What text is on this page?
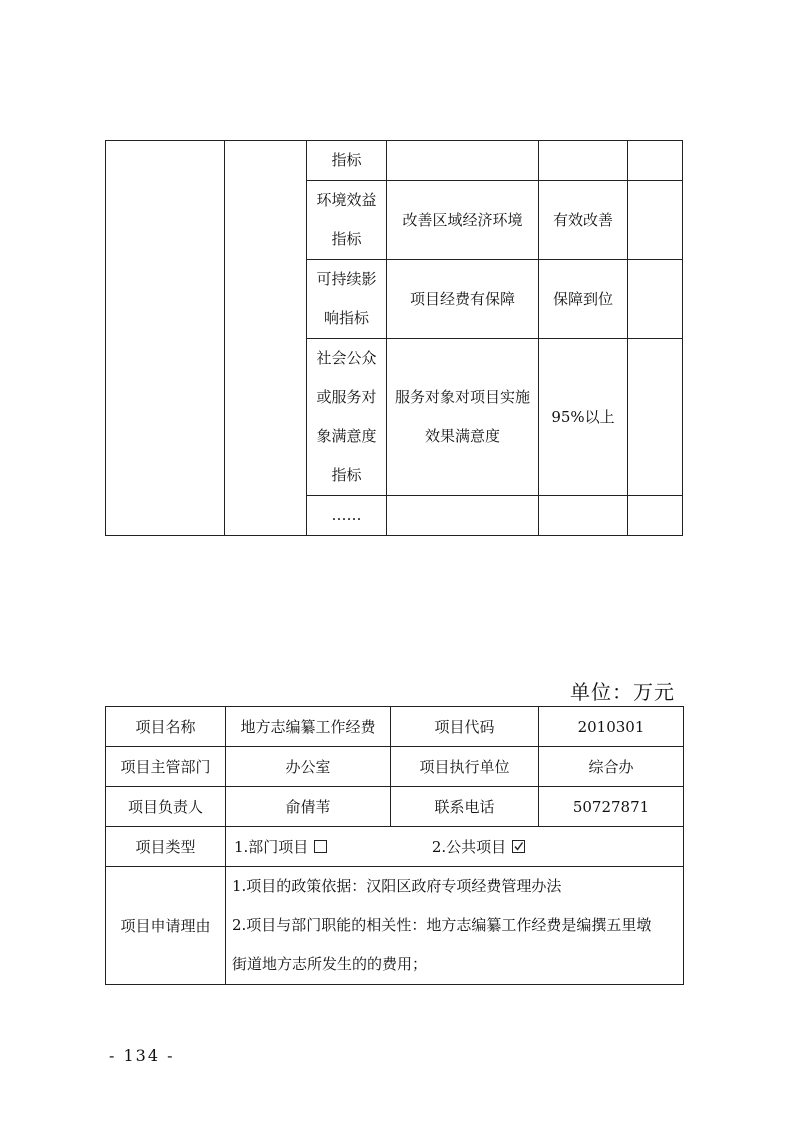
		指标			

		环境效益指标	改善区域经济环境	有效改善	

		可持续影响指标	项目经费有保障	保障到位	

		社会公众或服务对象满意度指标	服务对象对项目实施效果满意度	95%以上	
		……			
单位：万元
项目名称	地方志编纂工作经费	项目代码	2010301
项目主管部门	办公室	项目执行单位	综合办
项目负责人	俞倩苇	联系电话	50727871
项目类型	1.部门项目 2.公共项目		

项目申请理由	1.项目的政策依据：汉阳区政府专项经费管理办法
2.项目与部门职能的相关性：地方志编纂工作经费是编撰五里墩
街道地方志所发生的的费用；		
- 134 -
